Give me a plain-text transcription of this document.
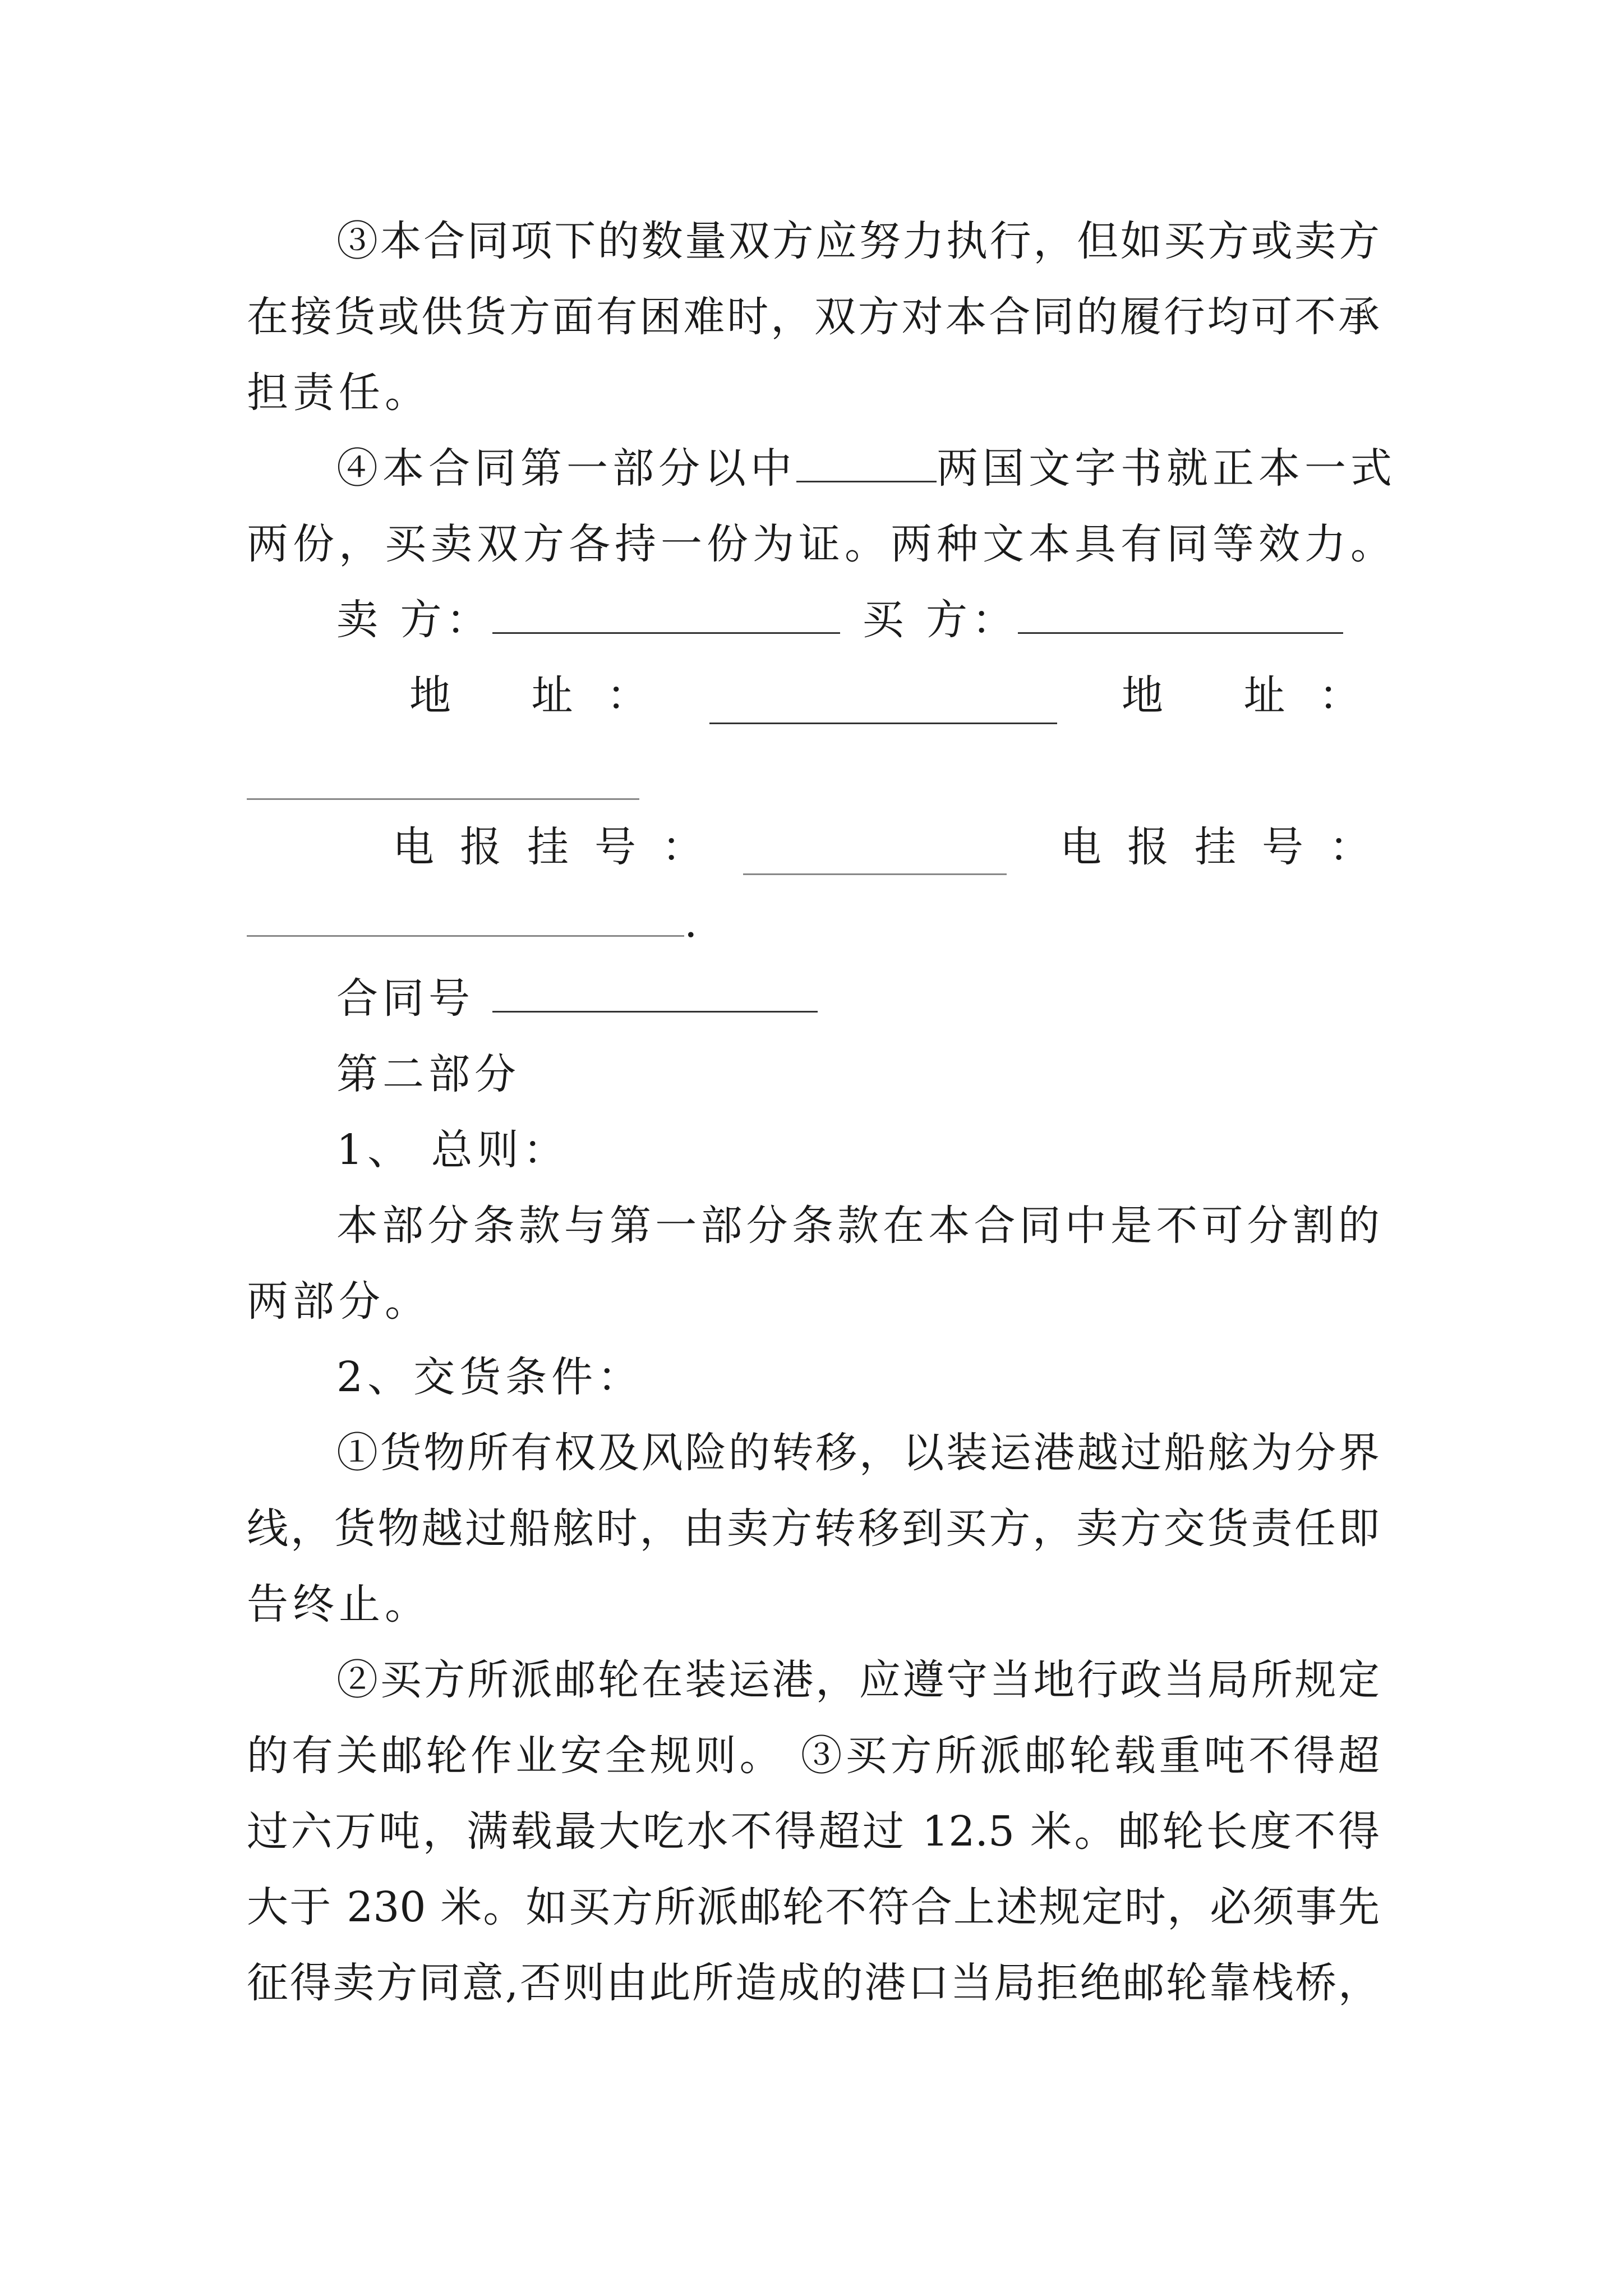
③本合同项下的数量双方应努力执行，但如买方或卖方
在接货或供货方面有困难时，双方对本合同的履行均可不承
担责任。
④本合同第一部分以中	两国文字书就正本一式
两份，买卖双方各持一份为证。两种文本具有同等效力。
卖 方：	买 方：
地 址：	地 址：
电报挂号：	电报挂号：
.
合同号
第二部分
1、 总则：
本部分条款与第一部分条款在本合同中是不可分割的
两部分。
2、交货条件：
①货物所有权及风险的转移，以装运港越过船舷为分界
线，货物越过船舷时，由卖方转移到买方，卖方交货责任即
告终止。
②买方所派邮轮在装运港，应遵守当地行政当局所规定
的有关邮轮作业安全规则。 ③买方所派邮轮载重吨不得超
过六万吨，满载最大吃水不得超过 12.5 米。邮轮长度不得
大于 230 米。如买方所派邮轮不符合上述规定时，必须事先
征得卖方同意,否则由此所造成的港口当局拒绝邮轮靠栈桥，
